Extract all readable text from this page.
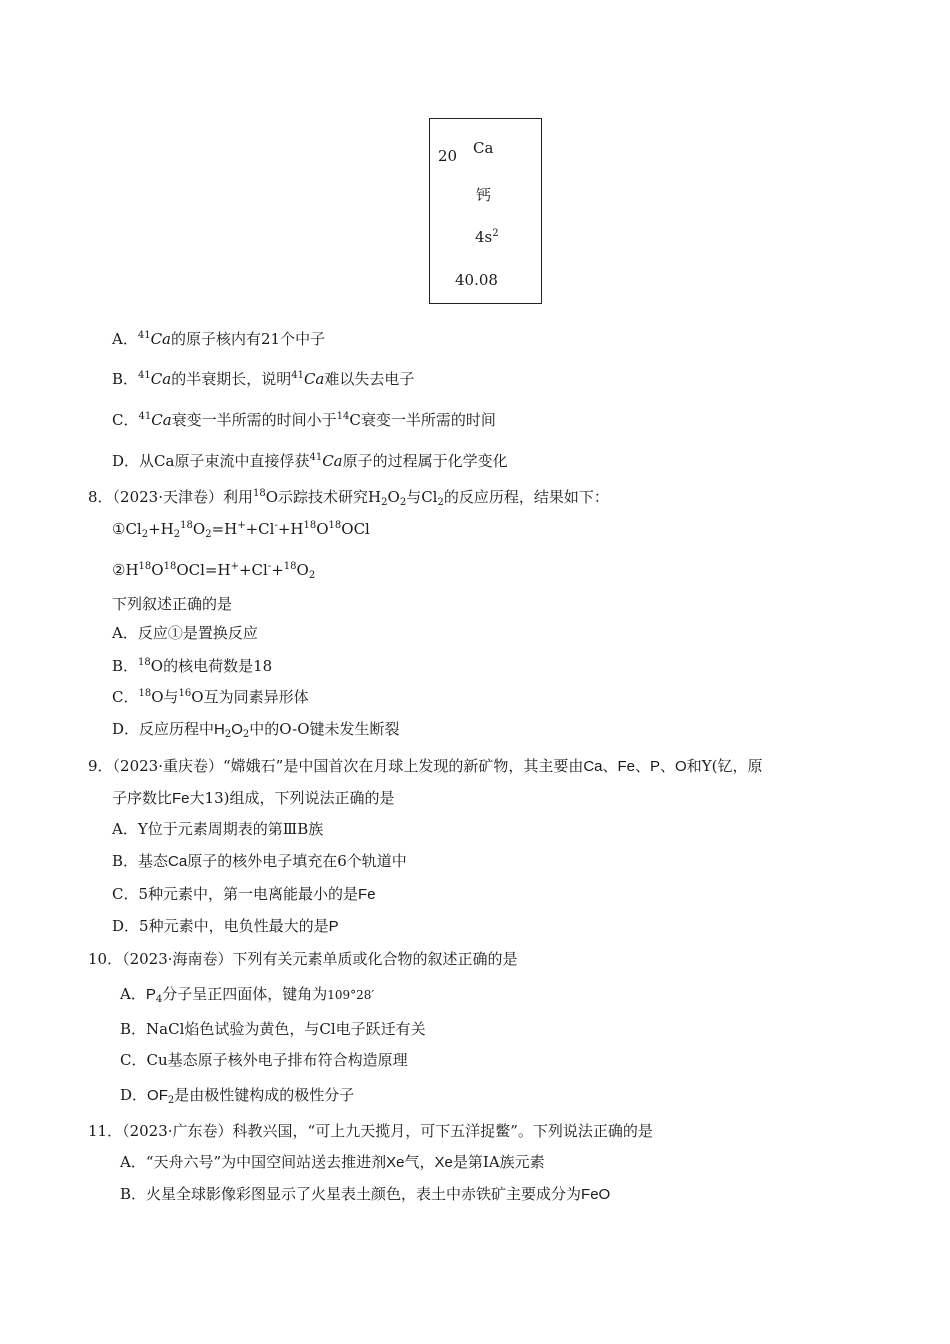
20 Ca
钙
$4s^2$
40.08
A．$^{41}$Ca的原子核内有21个中子
B．$^{41}$Ca的半衰期长，说明$^{41}$Ca难以失去电子
C．$^{41}$Ca衰变一半所需的时间小于$^{14}$C衰变一半所需的时间
D．从Ca原子束流中直接俘获$^{41}$Ca原子的过程属于化学变化
8．（2023·天津卷）利用$^{18}$O示踪技术研究$H_2O_2$与$Cl_2$的反应历程，结果如下：
$①Cl_2+H_2^{18}O_2=H^++Cl^-+H^{18}O^{18}OCl$
$②H^{18}O^{18}OCl=H^++Cl^-+^{18}O_2$
下列叙述正确的是
A．反应①是置换反应
B．$^{18}$O的核电荷数是18
C．$^{18}$O与$^{16}$O互为同素异形体
D．反应历程中$H_2O_2$中的O-O键未发生断裂
9．（2023·重庆卷）“嫦娥石”是中国首次在月球上发现的新矿物，其主要由Ca、Fe、P、O和Y(钇，原
子序数比Fe大13)组成，下列说法正确的是
A．Y位于元素周期表的第ⅢB族
B．基态Ca原子的核外电子填充在6个轨道中
C．5种元素中，第一电离能最小的是Fe
D．5种元素中，电负性最大的是P
10．（2023·海南卷）下列有关元素单质或化合物的叙述正确的是
A．$P_4$分子呈正四面体，键角为109°28′
B．NaCl焰色试验为黄色，与Cl电子跃迁有关
C．Cu基态原子核外电子排布符合构造原理
D．$OF_2$是由极性键构成的极性分子
11．（2023·广东卷）科教兴国，“可上九天揽月，可下五洋捉鳖”。下列说法正确的是
A．“天舟六号”为中国空间站送去推进剂Xe气，Xe是第ⅠA族元素
B．火星全球影像彩图显示了火星表土颜色，表土中赤铁矿主要成分为FeO
